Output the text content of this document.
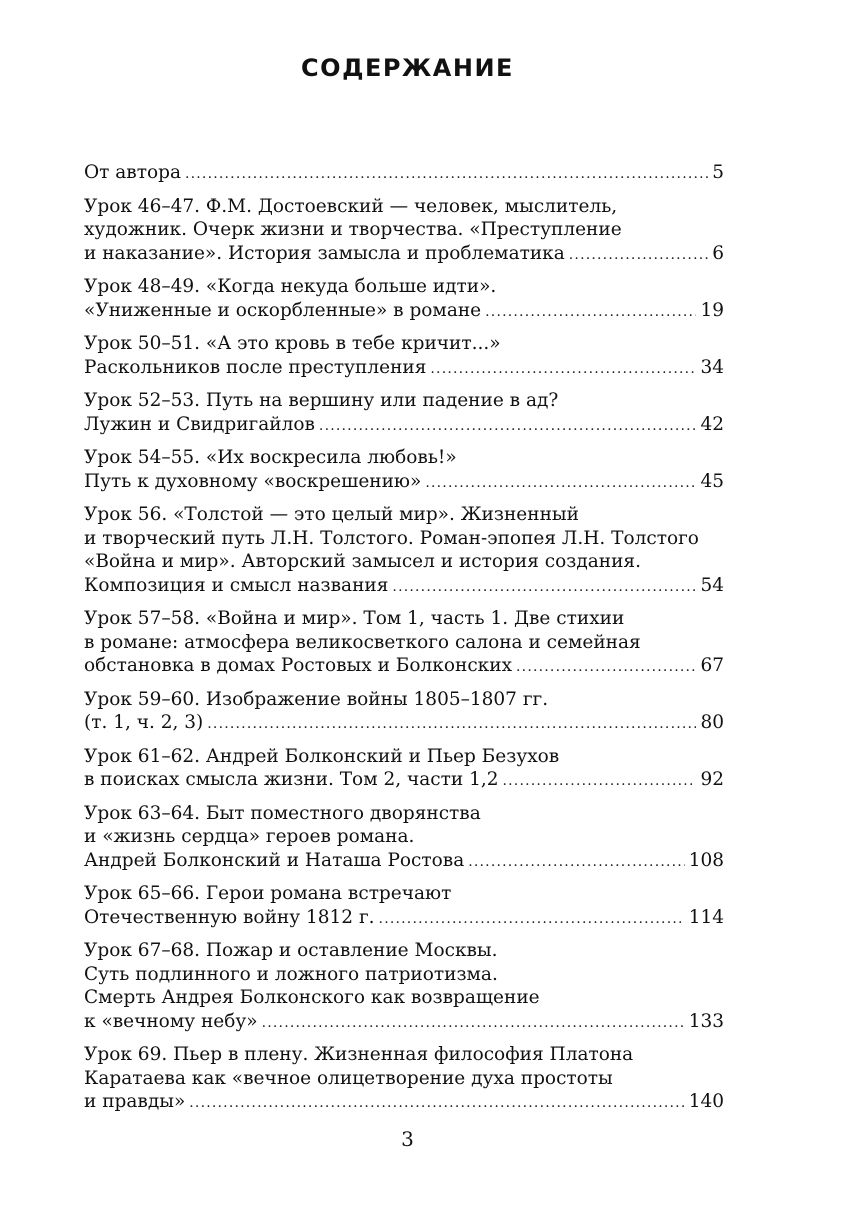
СОДЕРЖАНИЕ
От автора .....	5
Урок 46–47. Ф.М. Достоевский — человек, мыслитель,
художник. Очерк жизни и творчества. «Преступление
и наказание». История замысла и проблематика .....	6
Урок 48–49. «Когда некуда больше идти».
«Униженные и оскорбленные» в романе .....	19
Урок 50–51. «А это кровь в тебе кричит...»
Раскольников после преступления .....	34
Урок 52–53. Путь на вершину или падение в ад?
Лужин и Свидригайлов .....	42
Урок 54–55. «Их воскресила любовь!»
Путь к духовному «воскрешению» .....	45
Урок 56. «Толстой — это целый мир». Жизненный
и творческий путь Л.Н. Толстого. Роман-эпопея Л.Н. Толстого
«Война и мир». Авторский замысел и история создания.
Композиция и смысл названия .....	54
Урок 57–58. «Война и мир». Том 1, часть 1. Две стихии
в романе: атмосфера великосветкого салона и семейная
обстановка в домах Ростовых и Болконских .....	67
Урок 59–60. Изображение войны 1805–1807 гг.
(т. 1, ч. 2, 3) .....	80
Урок 61–62. Андрей Болконский и Пьер Безухов
в поисках смысла жизни. Том 2, части 1,2 .....	92
Урок 63–64. Быт поместного дворянства
и «жизнь сердца» героев романа.
Андрей Болконский и Наташа Ростова .....	108
Урок 65–66. Герои романа встречают
Отечественную войну 1812 г. .....	114
Урок 67–68. Пожар и оставление Москвы.
Суть подлинного и ложного патриотизма.
Смерть Андрея Болконского как возвращение
к «вечному небу» .....	133
Урок 69. Пьер в плену. Жизненная философия Платона
Каратаева как «вечное олицетворение духа простоты
и правды» .....	140
3
